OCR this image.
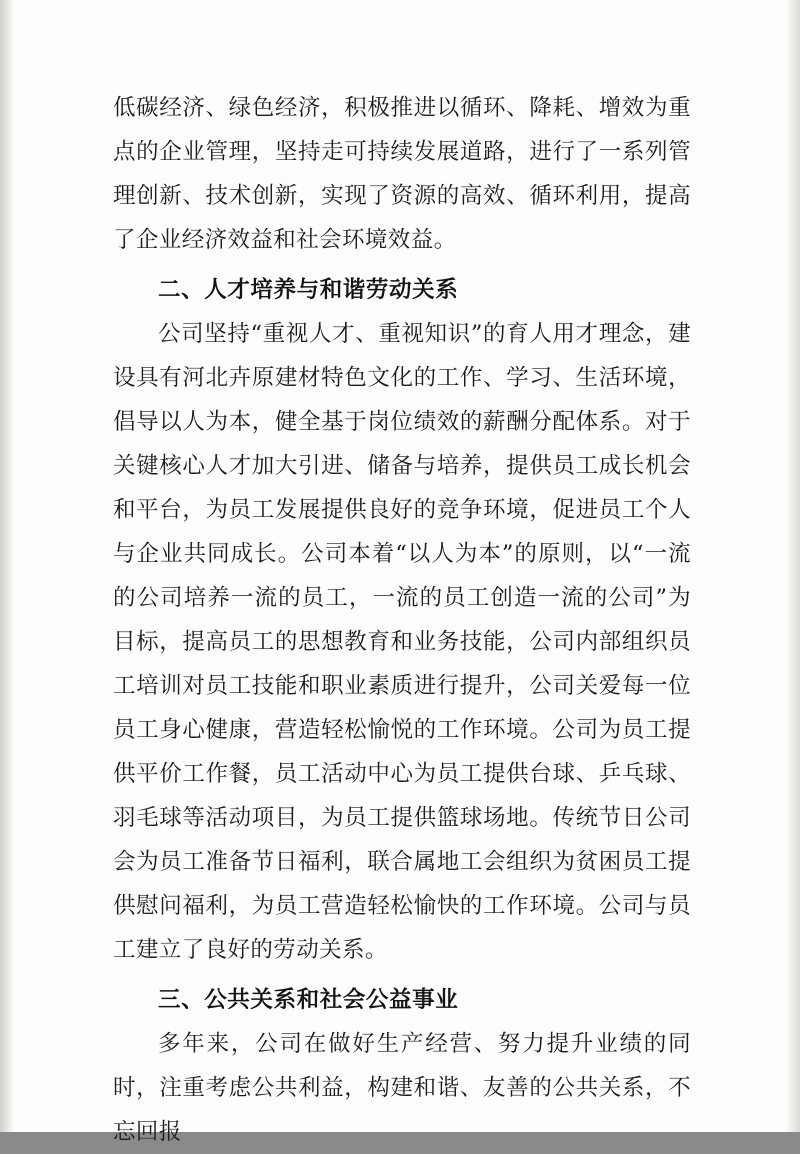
低碳经济、绿色经济，积极推进以循环、降耗、增效为重点的企业管理，坚持走可持续发展道路，进行了一系列管理创新、技术创新，实现了资源的高效、循环利用，提高了企业经济效益和社会环境效益。

二、人才培养与和谐劳动关系

公司坚持“重视人才、重视知识”的育人用才理念，建设具有河北卉原建材特色文化的工作、学习、生活环境，倡导以人为本，健全基于岗位绩效的薪酬分配体系。对于关键核心人才加大引进、储备与培养，提供员工成长机会和平台，为员工发展提供良好的竞争环境，促进员工个人与企业共同成长。公司本着“以人为本”的原则，以“一流的公司培养一流的员工，一流的员工创造一流的公司”为目标，提高员工的思想教育和业务技能，公司内部组织员工培训对员工技能和职业素质进行提升，公司关爱每一位员工身心健康，营造轻松愉悦的工作环境。公司为员工提供平价工作餐，员工活动中心为员工提供台球、乒乓球、羽毛球等活动项目，为员工提供篮球场地。传统节日公司会为员工准备节日福利，联合属地工会组织为贫困员工提供慰问福利，为员工营造轻松愉快的工作环境。公司与员工建立了良好的劳动关系。

三、公共关系和社会公益事业

多年来，公司在做好生产经营、努力提升业绩的同时，注重考虑公共利益，构建和谐、友善的公共关系，不忘回报
